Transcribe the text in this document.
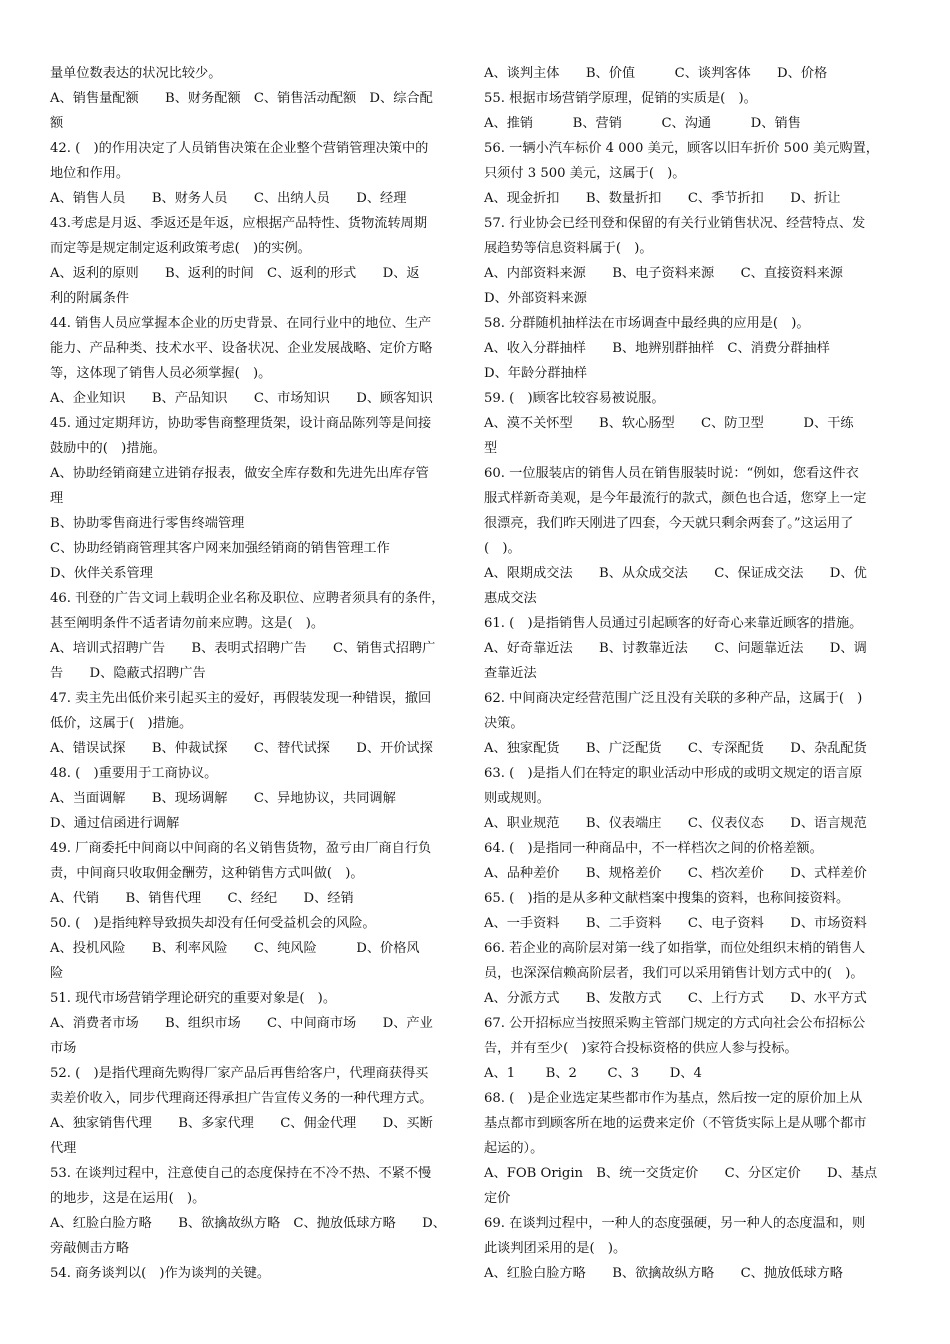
量单位数表达的状况比较少。
A、销售量配额　　B、财务配额　C、销售活动配额　D、综合配
额
42. (　)的作用决定了人员销售决策在企业整个营销管理决策中的
地位和作用。
A、销售人员　　B、财务人员　　C、出纳人员　　D、经理
43.考虑是月返、季返还是年返，应根据产品特性、货物流转周期
而定等是规定制定返利政策考虑(　)的实例。
A、返利的原则　　B、返利的时间　C、返利的形式　　D、返
利的附属条件
44. 销售人员应掌握本企业的历史背景、在同行业中的地位、生产
能力、产品种类、技术水平、设备状况、企业发展战略、定价方略
等，这体现了销售人员必须掌握(　)。
A、企业知识　　B、产品知识　　C、市场知识　　D、顾客知识
45. 通过定期拜访，协助零售商整理货架，设计商品陈列等是间接
鼓励中的(　)措施。
A、协助经销商建立进销存报表，做安全库存数和先进先出库存管
理
B、协助零售商进行零售终端管理
C、协助经销商管理其客户网来加强经销商的销售管理工作
D、伙伴关系管理
46. 刊登的广告文词上载明企业名称及职位、应聘者须具有的条件，
甚至阐明条件不适者请勿前来应聘。这是(　)。
A、培训式招聘广告　　B、表明式招聘广告　　C、销售式招聘广
告　　D、隐蔽式招聘广告
47. 卖主先出低价来引起买主的爱好，再假装发现一种错误，撤回
低价，这属于(　)措施。
A、错误试探　　B、仲裁试探　　C、替代试探　　D、开价试探
48. (　)重要用于工商协议。
A、当面调解　　B、现场调解　　C、异地协议，共同调解
D、通过信函进行调解
49. 厂商委托中间商以中间商的名义销售货物，盈亏由厂商自行负
责，中间商只收取佣金酬劳，这种销售方式叫做(　)。
A、代销　　B、销售代理　　C、经纪　　D、经销
50. (　)是指纯粹导致损失却没有任何受益机会的风险。
A、投机风险　　B、利率风险　　C、纯风险　　　D、价格风
险
51. 现代市场营销学理论研究的重要对象是(　)。
A、消费者市场　　B、组织市场　　C、中间商市场　　D、产业
市场
52. (　)是指代理商先购得厂家产品后再售给客户，代理商获得买
卖差价收入，同步代理商还得承担广告宣传义务的一种代理方式。
A、独家销售代理　　B、多家代理　　C、佣金代理　　D、买断
代理
53. 在谈判过程中，注意使自己的态度保持在不冷不热、不紧不慢
的地步，这是在运用(　)。
A、红脸白脸方略　　B、欲擒故纵方略　C、抛放低球方略　　D、
旁敲侧击方略
54. 商务谈判以(　)作为谈判的关键。
A、谈判主体　　B、价值　　　C、谈判客体　　D、价格
55. 根据市场营销学原理，促销的实质是(　)。
A、推销　　　B、营销　　　C、沟通　　　D、销售
56. 一辆小汽车标价 4 000 美元，顾客以旧车折价 500 美元购置，
只须付 3 500 美元，这属于(　)。
A、现金折扣　　B、数量折扣　　C、季节折扣　　D、折让
57. 行业协会已经刊登和保留的有关行业销售状况、经营特点、发
展趋势等信息资料属于(　)。
A、内部资料来源　　B、电子资料来源　　C、直接资料来源
D、外部资料来源
58. 分群随机抽样法在市场调查中最经典的应用是(　)。
A、收入分群抽样　　B、地辨别群抽样　C、消费分群抽样
D、年龄分群抽样
59. (　)顾客比较容易被说服。
A、漠不关怀型　　B、软心肠型　　C、防卫型　　　D、干练
型
60. 一位服装店的销售人员在销售服装时说：“例如，您看这件衣
服式样新奇美观，是今年最流行的款式，颜色也合适，您穿上一定
很漂亮，我们昨天刚进了四套，今天就只剩余两套了。”这运用了
(　)。
A、限期成交法　　B、从众成交法　　C、保证成交法　　D、优
惠成交法
61. (　)是指销售人员通过引起顾客的好奇心来靠近顾客的措施。
A、好奇靠近法　　B、讨教靠近法　　C、问题靠近法　　D、调
查靠近法
62. 中间商决定经营范围广泛且没有关联的多种产品，这属于(　)
决策。
A、独家配货　　B、广泛配货　　C、专深配货　　D、杂乱配货
63. (　)是指人们在特定的职业活动中形成的或明文规定的语言原
则或规则。
A、职业规范　　B、仪表端庄　　C、仪表仪态　　D、语言规范
64. (　)是指同一种商品中，不一样档次之间的价格差额。
A、品种差价　　B、规格差价　　C、档次差价　　D、式样差价
65. (　)指的是从多种文献档案中搜集的资料，也称间接资料。
A、一手资料　　B、二手资料　　C、电子资料　　D、市场资料
66. 若企业的高阶层对第一线了如指掌，而位处组织末梢的销售人
员，也深深信赖高阶层者，我们可以采用销售计划方式中的(　)。
A、分派方式　　B、发散方式　　C、上行方式　　D、水平方式
67. 公开招标应当按照采购主管部门规定的方式向社会公布招标公
告，并有至少(　)家符合投标资格的供应人参与投标。
A、1　　 B、2　　 C、3　　 D、4
68. (　)是企业选定某些都市作为基点，然后按一定的原价加上从
基点都市到顾客所在地的运费来定价（不管货实际上是从哪个都市
起运的）。
A、FOB Origin　B、统一交货定价　　C、分区定价　　D、基点
定价
69. 在谈判过程中，一种人的态度强硬，另一种人的态度温和，则
此谈判团采用的是(　)。
A、红脸白脸方略　　B、欲擒故纵方略　　C、抛放低球方略
